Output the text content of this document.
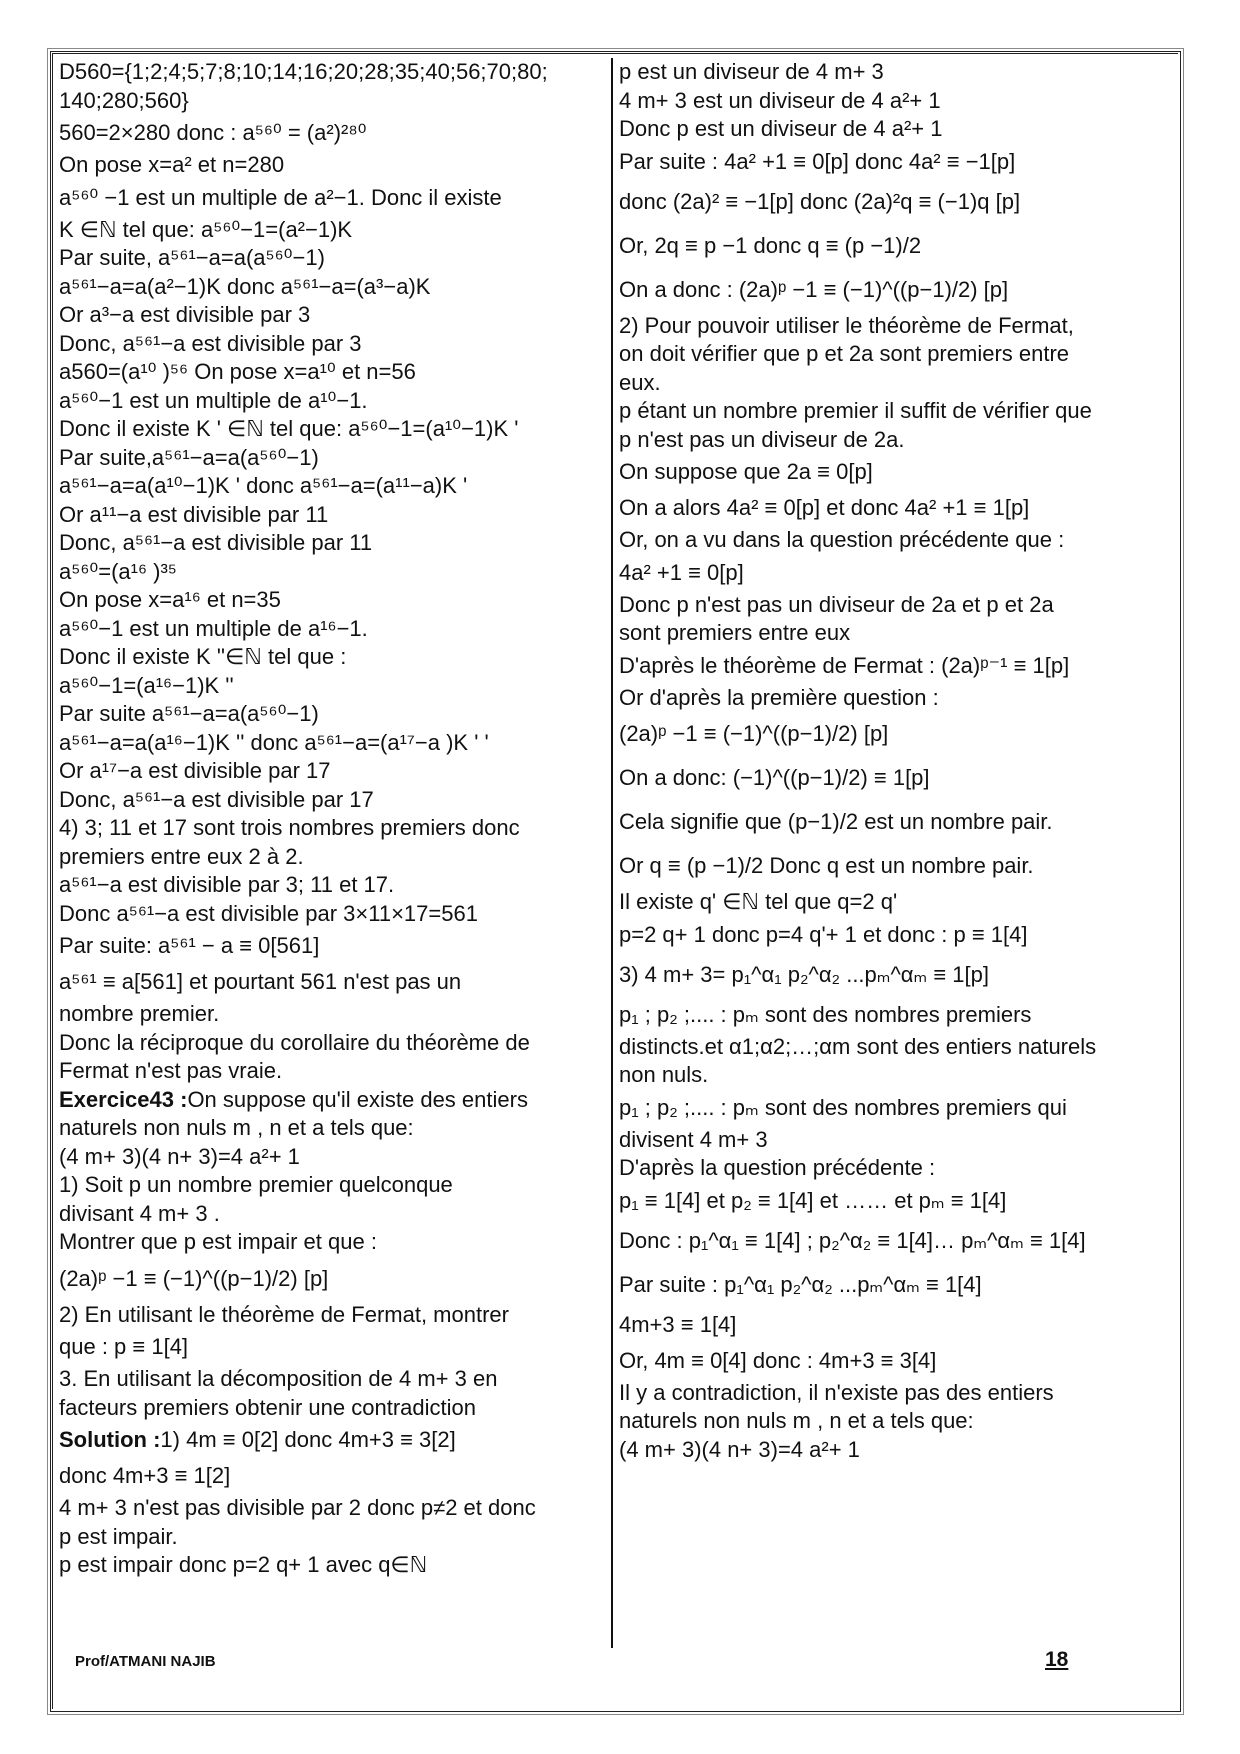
D560={1;2;4;5;7;8;10;14;16;20;28;35;40;56;70;80;
140;280;560}
560=2×280 donc : a⁵⁶⁰ = (a²)²⁸⁰
On pose x=a² et n=280
a⁵⁶⁰ −1 est un multiple de a²−1. Donc il existe
K ∈ℕ tel que: a⁵⁶⁰−1=(a²−1)K
Par suite, a⁵⁶¹−a=a(a⁵⁶⁰−1)
a⁵⁶¹−a=a(a²−1)K donc a⁵⁶¹−a=(a³−a)K
Or a³−a est divisible par 3
Donc, a⁵⁶¹−a est divisible par 3
a560=(a¹⁰ )⁵⁶ On pose x=a¹⁰ et n=56
a⁵⁶⁰−1 est un multiple de a¹⁰−1.
Donc il existe K ' ∈ℕ tel que: a⁵⁶⁰−1=(a¹⁰−1)K '
Par suite,a⁵⁶¹−a=a(a⁵⁶⁰−1)
a⁵⁶¹−a=a(a¹⁰−1)K ' donc a⁵⁶¹−a=(a¹¹−a)K '
Or a¹¹−a est divisible par 11
Donc, a⁵⁶¹−a est divisible par 11
a⁵⁶⁰=(a¹⁶ )³⁵
On pose x=a¹⁶ et n=35
a⁵⁶⁰−1 est un multiple de a¹⁶−1.
Donc il existe K ''∈ℕ tel que :
a⁵⁶⁰−1=(a¹⁶−1)K ''
Par suite a⁵⁶¹−a=a(a⁵⁶⁰−1)
a⁵⁶¹−a=a(a¹⁶−1)K '' donc a⁵⁶¹−a=(a¹⁷−a )K ' '
Or a¹⁷−a est divisible par 17
Donc, a⁵⁶¹−a est divisible par 17
4) 3; 11 et 17 sont trois nombres premiers donc
premiers entre eux 2 à 2.
a⁵⁶¹−a est divisible par 3; 11 et 17.
Donc a⁵⁶¹−a est divisible par 3×11×17=561
Par suite: a⁵⁶¹ − a ≡ 0[561]
a⁵⁶¹ ≡ a[561] et pourtant 561 n'est pas un
nombre premier.
Donc la réciproque du corollaire du théorème de
Fermat n'est pas vraie.
Exercice43 :On suppose qu'il existe des entiers
naturels non nuls m , n et a tels que:
(4 m+ 3)(4 n+ 3)=4 a²+ 1
1) Soit p un nombre premier quelconque
divisant 4 m+ 3 .
Montrer que p est impair et que :
(2a)ᵖ −1 ≡ (−1)^((p−1)/2) [p]
2) En utilisant le théorème de Fermat, montrer
que : p ≡ 1[4]
3. En utilisant la décomposition de 4 m+ 3 en
facteurs premiers obtenir une contradiction
Solution :1) 4m ≡ 0[2] donc 4m+3 ≡ 3[2]
donc 4m+3 ≡ 1[2]
4 m+ 3 n'est pas divisible par 2 donc p≠2 et donc
p est impair.
p est impair donc p=2 q+ 1 avec q∈ℕ
p est un diviseur de 4 m+ 3
4 m+ 3 est un diviseur de 4 a²+ 1
Donc p est un diviseur de 4 a²+ 1
Par suite : 4a² +1 ≡ 0[p] donc 4a² ≡ −1[p]
donc (2a)² ≡ −1[p] donc (2a)²q ≡ (−1)q [p]
Or, 2q ≡ p −1 donc q ≡ (p −1)/2
On a donc : (2a)ᵖ −1 ≡ (−1)^((p−1)/2) [p]
2) Pour pouvoir utiliser le théorème de Fermat,
on doit vérifier que p et 2a sont premiers entre
eux.
p étant un nombre premier il suffit de vérifier que
p n'est pas un diviseur de 2a.
On suppose que 2a ≡ 0[p]
On a alors 4a² ≡ 0[p] et donc 4a² +1 ≡ 1[p]
Or, on a vu dans la question précédente que :
4a² +1 ≡ 0[p]
Donc p n'est pas un diviseur de 2a et p et 2a
sont premiers entre eux
D'après le théorème de Fermat : (2a)ᵖ⁻¹ ≡ 1[p]
Or d'après la première question :
(2a)ᵖ −1 ≡ (−1)^((p−1)/2) [p]
On a donc: (−1)^((p−1)/2) ≡ 1[p]
Cela signifie que (p−1)/2 est un nombre pair.
Or q ≡ (p −1)/2 Donc q est un nombre pair.
Il existe q' ∈ℕ tel que q=2 q'
p=2 q+ 1 donc p=4 q'+ 1 et donc : p ≡ 1[4]
3) 4 m+ 3= p₁^α₁ p₂^α₂ ...pₘ^αₘ ≡ 1[p]
p₁ ; p₂ ;.... : pₘ sont des nombres premiers
distincts.et α1;α2;…;αm sont des entiers naturels
non nuls.
p₁ ; p₂ ;.... : pₘ sont des nombres premiers qui
divisent 4 m+ 3
D'après la question précédente :
p₁ ≡ 1[4] et p₂ ≡ 1[4] et …… et pₘ ≡ 1[4]
Donc : p₁^α₁ ≡ 1[4] ; p₂^α₂ ≡ 1[4]… pₘ^αₘ ≡ 1[4]
Par suite : p₁^α₁ p₂^α₂ ...pₘ^αₘ ≡ 1[4]
4m+3 ≡ 1[4]
Or, 4m ≡ 0[4] donc : 4m+3 ≡ 3[4]
Il y a contradiction, il n'existe pas des entiers
naturels non nuls m , n et a tels que:
(4 m+ 3)(4 n+ 3)=4 a²+ 1
Prof/ATMANI NAJIB	18
